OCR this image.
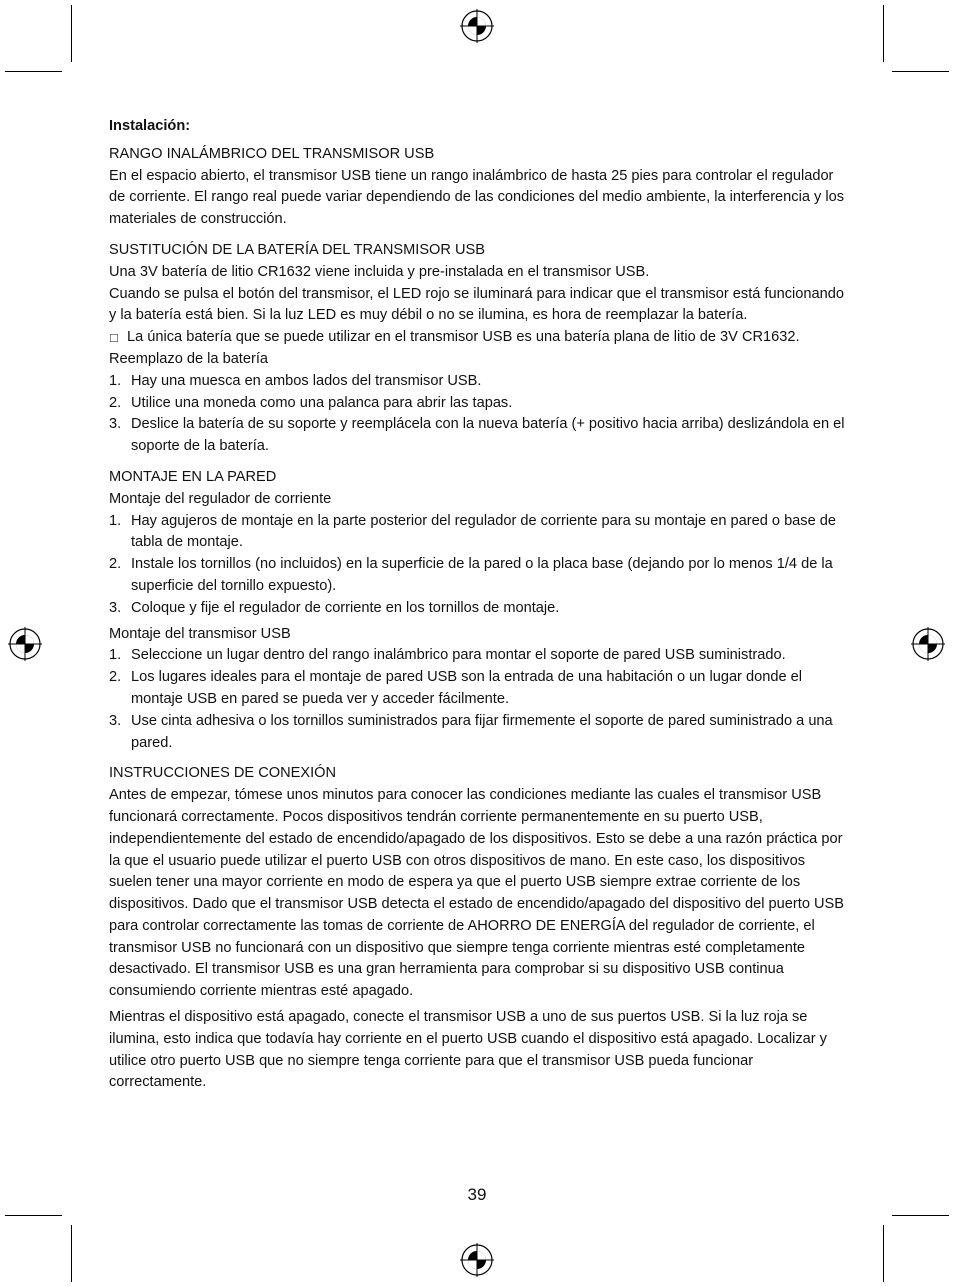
Instalación:

RANGO INALÁMBRICO DEL TRANSMISOR USB

En el espacio abierto, el transmisor USB tiene un rango inalámbrico de hasta 25 pies para controlar el regulador de corriente. El rango real puede variar dependiendo de las condiciones del medio ambiente, la interferencia y los materiales de construcción.

SUSTITUCIÓN DE LA BATERÍA DEL TRANSMISOR USB

Una 3V batería de litio CR1632 viene incluida y pre-instalada en el transmisor USB.

Cuando se pulsa el botón del transmisor, el LED rojo se iluminará para indicar que el transmisor está funcionando y la batería está bien. Si la luz LED es muy débil o no se ilumina, es hora de reemplazar la batería.

□ La única batería que se puede utilizar en el transmisor USB es una batería plana de litio de 3V CR1632.

Reemplazo de la batería

1. Hay una muesca en ambos lados del transmisor USB.
2. Utilice una moneda como una palanca para abrir las tapas.
3. Deslice la batería de su soporte y reemplácela con la nueva batería (+ positivo hacia arriba) deslizándola en el soporte de la batería.

MONTAJE EN LA PARED

Montaje del regulador de corriente

1. Hay agujeros de montaje en la parte posterior del regulador de corriente para su montaje en pared o base de tabla de montaje.
2. Instale los tornillos (no incluidos) en la superficie de la pared o la placa base (dejando por lo menos 1/4 de la superficie del tornillo expuesto).
3. Coloque y fije el regulador de corriente en los tornillos de montaje.

Montaje del transmisor USB

1. Seleccione un lugar dentro del rango inalámbrico para montar el soporte de pared USB suministrado.
2. Los lugares ideales para el montaje de pared USB son la entrada de una habitación o un lugar donde el montaje USB en pared se pueda ver y acceder fácilmente.
3. Use cinta adhesiva o los tornillos suministrados para fijar firmemente el soporte de pared suministrado a una pared.

INSTRUCCIONES DE CONEXIÓN

Antes de empezar, tómese unos minutos para conocer las condiciones mediante las cuales el transmisor USB funcionará correctamente. Pocos dispositivos tendrán corriente permanentemente en su puerto USB, independientemente del estado de encendido/apagado de los dispositivos. Esto se debe a una razón práctica por la que el usuario puede utilizar el puerto USB con otros dispositivos de mano. En este caso, los dispositivos suelen tener una mayor corriente en modo de espera ya que el puerto USB siempre extrae corriente de los dispositivos. Dado que el transmisor USB detecta el estado de encendido/apagado del dispositivo del puerto USB para controlar correctamente las tomas de corriente de AHORRO DE ENERGÍA del regulador de corriente, el transmisor USB no funcionará con un dispositivo que siempre tenga corriente mientras esté completamente desactivado. El transmisor USB es una gran herramienta para comprobar si su dispositivo USB continua consumiendo corriente mientras esté apagado.

Mientras el dispositivo está apagado, conecte el transmisor USB a uno de sus puertos USB. Si la luz roja se ilumina, esto indica que todavía hay corriente en el puerto USB cuando el dispositivo está apagado. Localizar y utilice otro puerto USB que no siempre tenga corriente para que el transmisor USB pueda funcionar correctamente.

39
